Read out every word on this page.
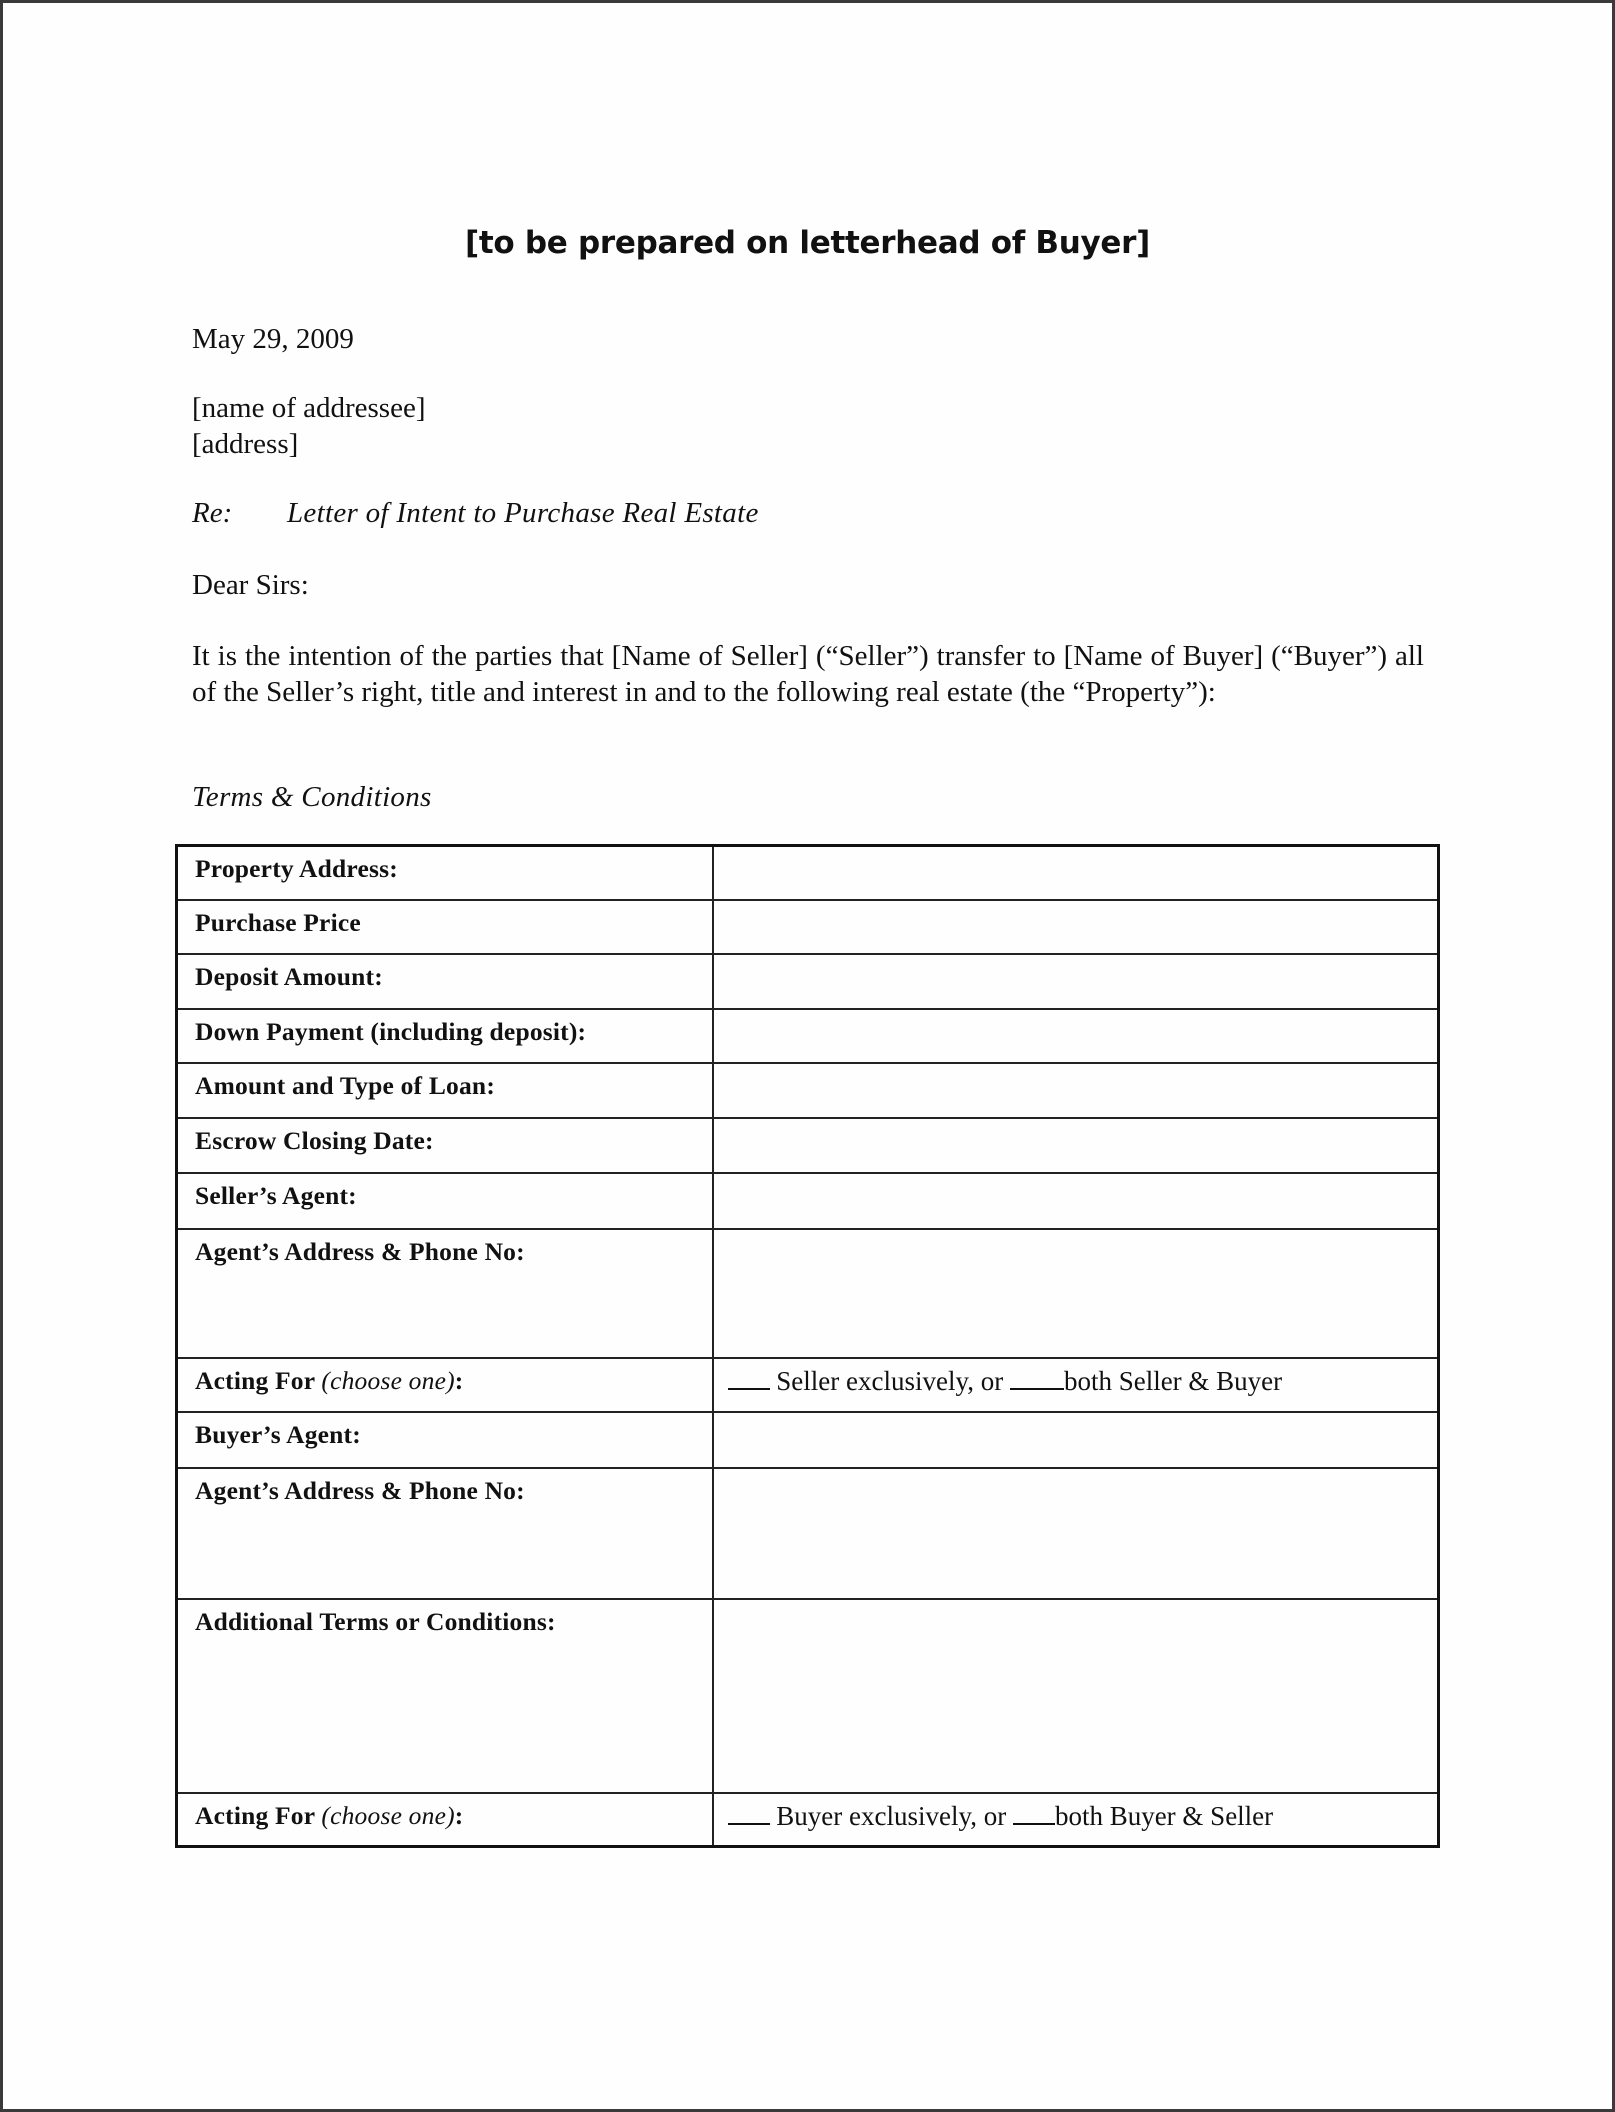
[to be prepared on letterhead of Buyer]
May 29, 2009
[name of addressee]
[address]
Re: Letter of Intent to Purchase Real Estate
Dear Sirs:
It is the intention of the parties that [Name of Seller] (“Seller”) transfer to [Name of Buyer] (“Buyer”) all of the Seller’s right, title and interest in and to the following real estate (the “Property”):
Terms & Conditions
Property Address:	
Purchase Price	
Deposit Amount:	
Down Payment (including deposit):	
Amount and Type of Loan:	
Escrow Closing Date:	
Seller’s Agent:	
Agent’s Address & Phone No:	
Acting For (choose one):	Seller exclusively, or both Seller & Buyer
Buyer’s Agent:	
Agent’s Address & Phone No:	
Additional Terms or Conditions:	
Acting For (choose one):	Buyer exclusively, or both Buyer & Seller
